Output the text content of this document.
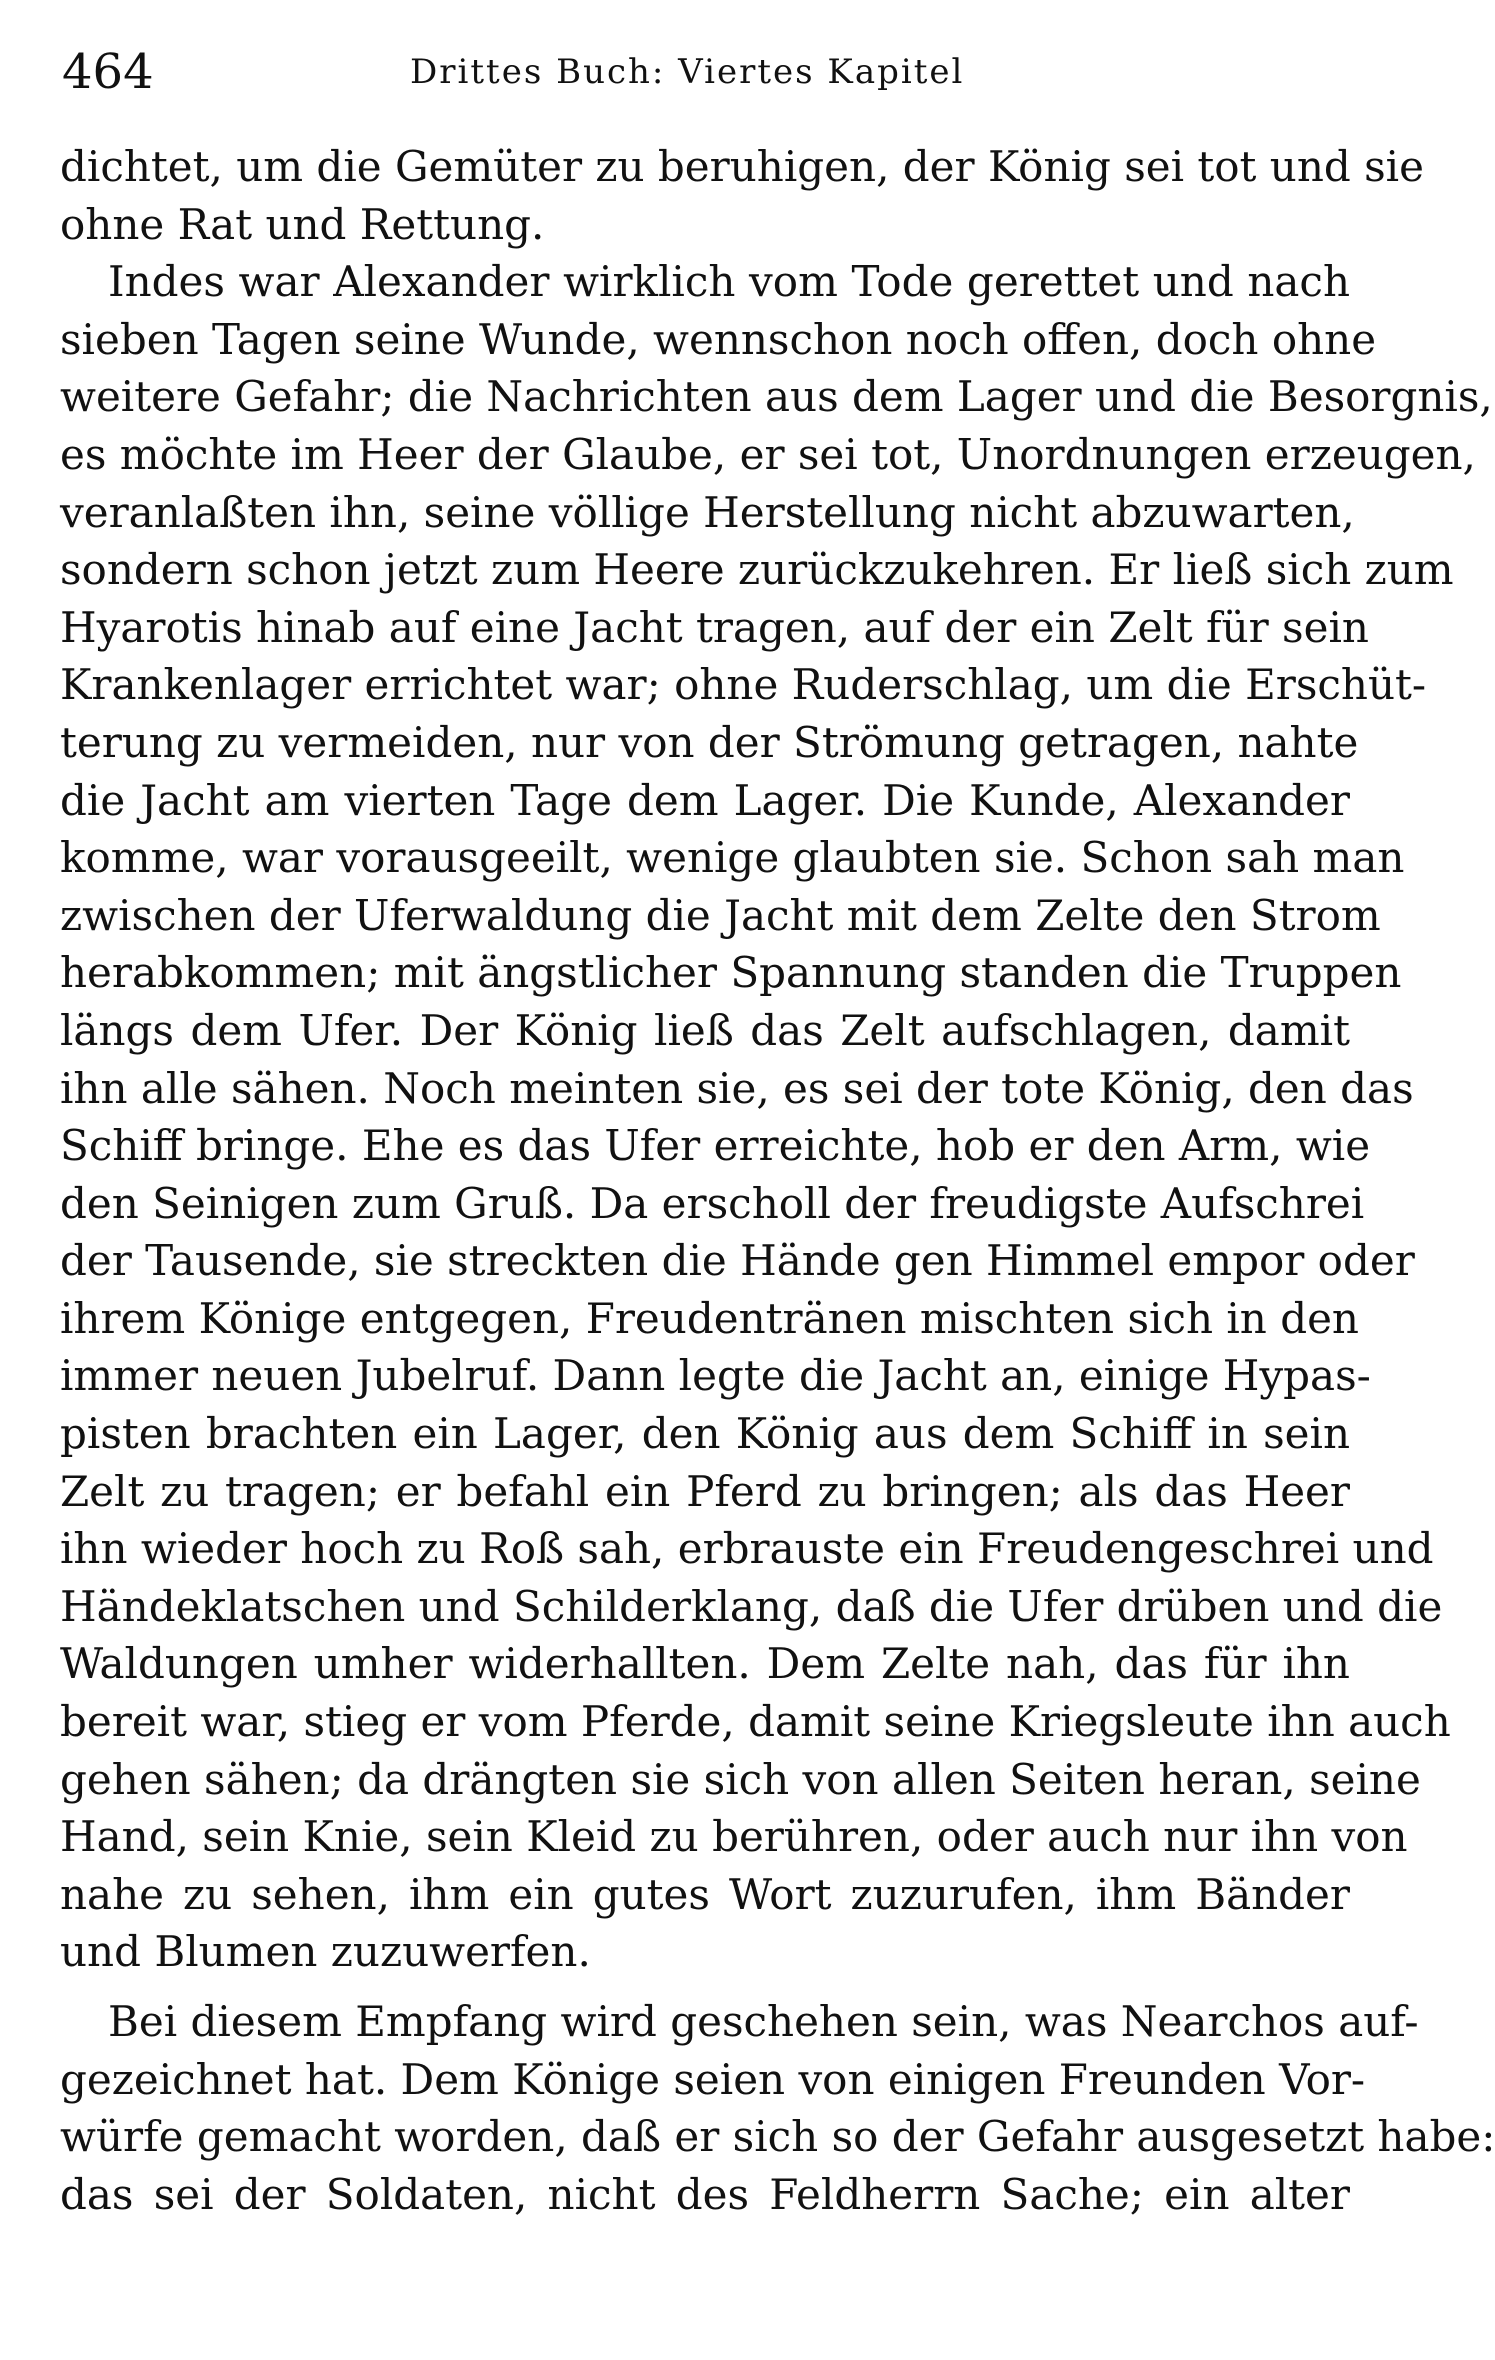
464	Drittes Buch: Viertes Kapitel
dichtet, um die Gemüter zu beruhigen, der König sei tot und sie
ohne Rat und Rettung.
Indes war Alexander wirklich vom Tode gerettet und nach
sieben Tagen seine Wunde, wennschon noch offen, doch ohne
weitere Gefahr; die Nachrichten aus dem Lager und die Besorgnis,
es möchte im Heer der Glaube, er sei tot, Unordnungen erzeugen,
veranlaßten ihn, seine völlige Herstellung nicht abzuwarten,
sondern schon jetzt zum Heere zurückzukehren. Er ließ sich zum
Hyarotis hinab auf eine Jacht tragen, auf der ein Zelt für sein
Krankenlager errichtet war; ohne Ruderschlag, um die Erschüt-
terung zu vermeiden, nur von der Strömung getragen, nahte
die Jacht am vierten Tage dem Lager. Die Kunde, Alexander
komme, war vorausgeeilt, wenige glaubten sie. Schon sah man
zwischen der Uferwaldung die Jacht mit dem Zelte den Strom
herabkommen; mit ängstlicher Spannung standen die Truppen
längs dem Ufer. Der König ließ das Zelt aufschlagen, damit
ihn alle sähen. Noch meinten sie, es sei der tote König, den das
Schiff bringe. Ehe es das Ufer erreichte, hob er den Arm, wie
den Seinigen zum Gruß. Da erscholl der freudigste Aufschrei
der Tausende, sie streckten die Hände gen Himmel empor oder
ihrem Könige entgegen, Freudentränen mischten sich in den
immer neuen Jubelruf. Dann legte die Jacht an, einige Hypas-
pisten brachten ein Lager, den König aus dem Schiff in sein
Zelt zu tragen; er befahl ein Pferd zu bringen; als das Heer
ihn wieder hoch zu Roß sah, erbrauste ein Freudengeschrei und
Händeklatschen und Schilderklang, daß die Ufer drüben und die
Waldungen umher widerhallten. Dem Zelte nah, das für ihn
bereit war, stieg er vom Pferde, damit seine Kriegsleute ihn auch
gehen sähen; da drängten sie sich von allen Seiten heran, seine
Hand, sein Knie, sein Kleid zu berühren, oder auch nur ihn von
nahe zu sehen, ihm ein gutes Wort zuzurufen, ihm Bänder
und Blumen zuzuwerfen.
Bei diesem Empfang wird geschehen sein, was Nearchos auf-
gezeichnet hat. Dem Könige seien von einigen Freunden Vor-
würfe gemacht worden, daß er sich so der Gefahr ausgesetzt habe:
das sei der Soldaten, nicht des Feldherrn Sache; ein alter
